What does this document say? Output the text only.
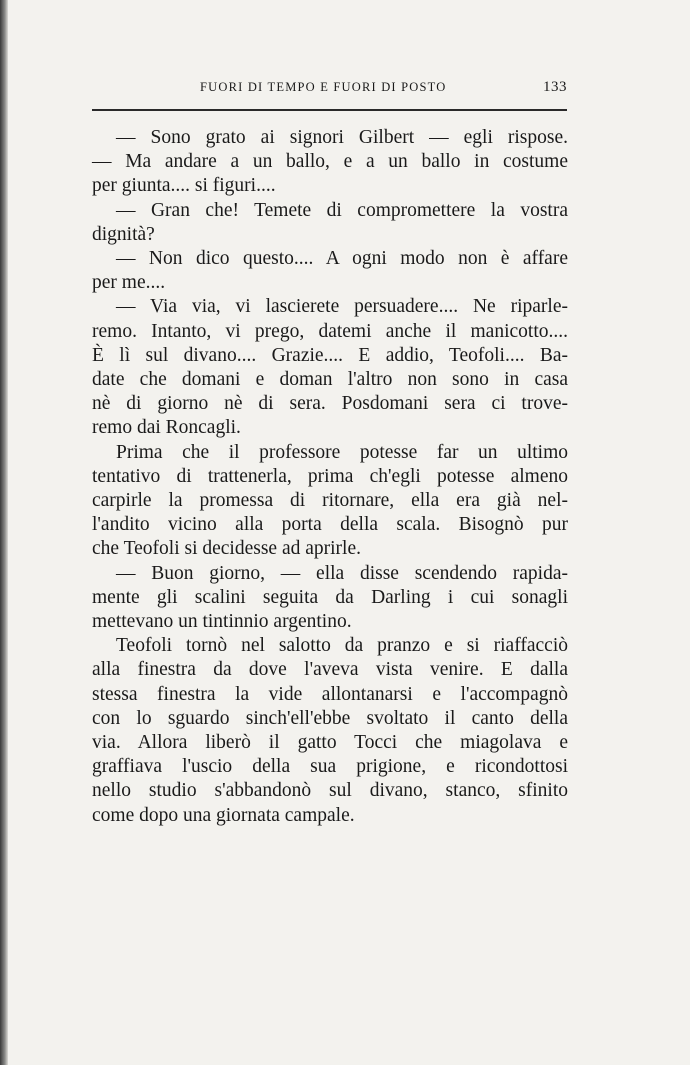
FUORI DI TEMPO E FUORI DI POSTO	133
— Sono grato ai signori Gilbert — egli rispose.
— Ma andare a un ballo, e a un ballo in costume
per giunta.... si figuri....
— Gran che! Temete di compromettere la vostra
dignità?
— Non dico questo.... A ogni modo non è affare
per me....
— Via via, vi lascierete persuadere.... Ne riparle-
remo. Intanto, vi prego, datemi anche il manicotto....
È lì sul divano.... Grazie.... E addio, Teofoli.... Ba-
date che domani e doman l'altro non sono in casa
nè di giorno nè di sera. Posdomani sera ci trove-
remo dai Roncagli.
Prima che il professore potesse far un ultimo
tentativo di trattenerla, prima ch'egli potesse almeno
carpirle la promessa di ritornare, ella era già nel-
l'andito vicino alla porta della scala. Bisognò pur
che Teofoli si decidesse ad aprirle.
— Buon giorno, — ella disse scendendo rapida-
mente gli scalini seguita da Darling i cui sonagli
mettevano un tintinnio argentino.
Teofoli tornò nel salotto da pranzo e si riaffacciò
alla finestra da dove l'aveva vista venire. E dalla
stessa finestra la vide allontanarsi e l'accompagnò
con lo sguardo sinch'ell'ebbe svoltato il canto della
via. Allora liberò il gatto Tocci che miagolava e
graffiava l'uscio della sua prigione, e ricondottosi
nello studio s'abbandonò sul divano, stanco, sfinito
come dopo una giornata campale.
